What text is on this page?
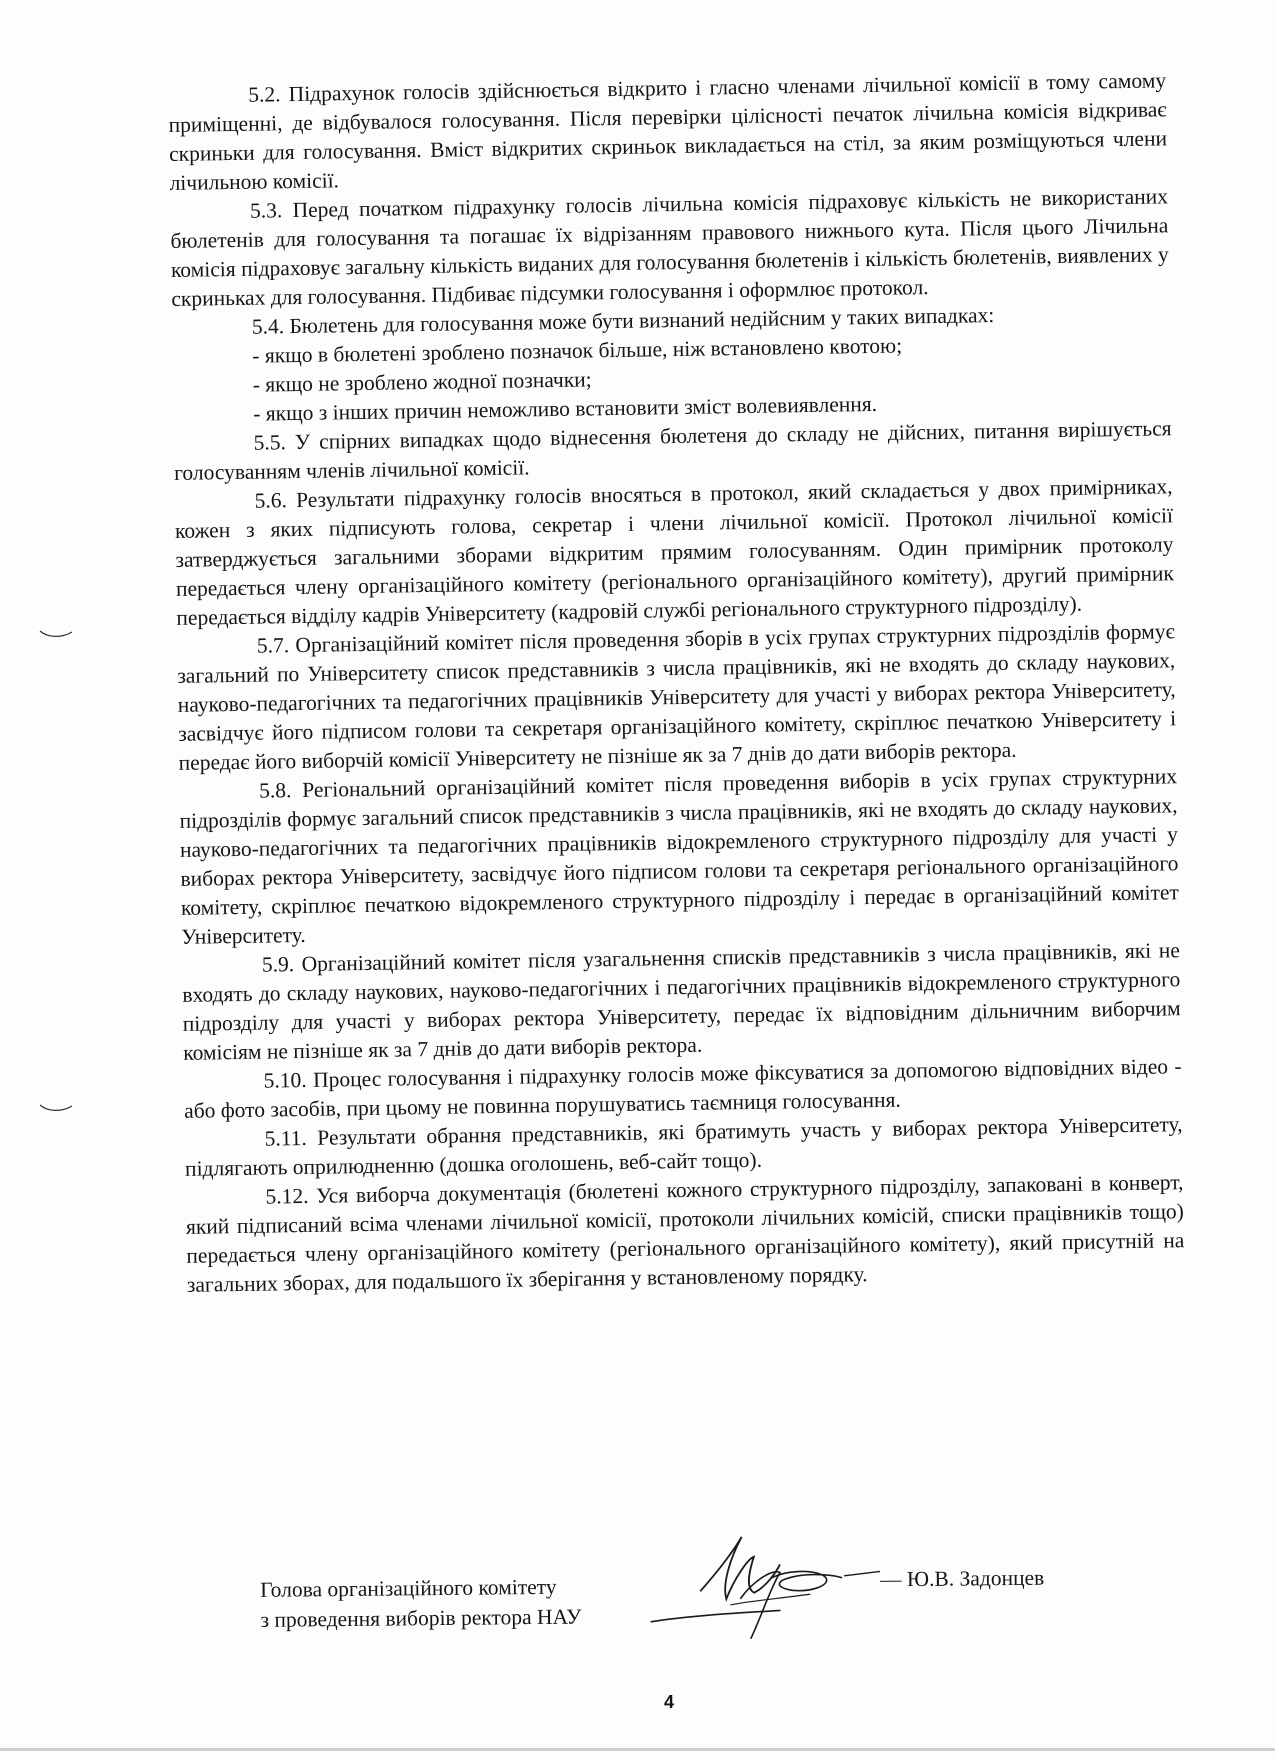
5.2. Підрахунок голосів здійснюється відкрито і гласно членами лічильної комісії в тому самому приміщенні, де відбувалося голосування. Після перевірки цілісності печаток лічильна комісія відкриває скриньки для голосування. Вміст відкритих скриньок викладається на стіл, за яким розміщуються члени лічильною комісії.

5.3. Перед початком підрахунку голосів лічильна комісія підраховує кількість не використаних бюлетенів для голосування та погашає їх відрізанням правового нижнього кута. Після цього Лічильна комісія підраховує загальну кількість виданих для голосування бюлетенів і кількість бюлетенів, виявлених у скриньках для голосування. Підбиває підсумки голосування і оформлює протокол.

5.4. Бюлетень для голосування може бути визнаний недійсним у таких випадках:

- якщо в бюлетені зроблено позначок більше, ніж встановлено квотою;

- якщо не зроблено жодної позначки;

- якщо з інших причин неможливо встановити зміст волевиявлення.

5.5. У спірних випадках щодо віднесення бюлетеня до складу не дійсних, питання вирішується голосуванням членів лічильної комісії.

5.6. Результати підрахунку голосів вносяться в протокол, який складається у двох примірниках, кожен з яких підписують голова, секретар і члени лічильної комісії. Протокол лічильної комісії затверджується загальними зборами відкритим прямим голосуванням. Один примірник протоколу передається члену організаційного комітету (регіонального організаційного комітету), другий примірник передається відділу кадрів Університету (кадровій службі регіонального структурного підрозділу).

5.7. Організаційний комітет після проведення зборів в усіх групах структурних підрозділів формує загальний по Університету список представників з числа працівників, які не входять до складу наукових, науково-педагогічних та педагогічних працівників Університету для участі у виборах ректора Університету, засвідчує його підписом голови та секретаря організаційного комітету, скріплює печаткою Університету і передає його виборчій комісії Університету не пізніше як за 7 днів до дати виборів ректора.

5.8. Регіональний організаційний комітет після проведення виборів в усіх групах структурних підрозділів формує загальний список представників з числа працівників, які не входять до складу наукових, науково-педагогічних та педагогічних працівників відокремленого структурного підрозділу для участі у виборах ректора Університету, засвідчує його підписом голови та секретаря регіонального організаційного комітету, скріплює печаткою відокремленого структурного підрозділу і передає в організаційний комітет Університету.

5.9. Організаційний комітет після узагальнення списків представників з числа працівників, які не входять до складу наукових, науково-педагогічних і педагогічних працівників відокремленого структурного підрозділу для участі у виборах ректора Університету, передає їх відповідним дільничним виборчим комісіям не пізніше як за 7 днів до дати виборів ректора.

5.10. Процес голосування і підрахунку голосів може фіксуватися за допомогою відповідних відео - або фото засобів, при цьому не повинна порушуватись таємниця голосування.

5.11. Результати обрання представників, які братимуть участь у виборах ректора Університету, підлягають оприлюдненню (дошка оголошень, веб-сайт тощо).

5.12. Уся виборча документація (бюлетені кожного структурного підрозділу, запаковані в конверт, який підписаний всіма членами лічильної комісії, протоколи лічильних комісій, списки працівників тощо) передається члену організаційного комітету (регіонального організаційного комітету), який присутній на загальних зборах, для подальшого їх зберігання у встановленому порядку.

Голова організаційного комітету
з проведення виборів ректора НАУ
— Ю.В. Задонцев
4
